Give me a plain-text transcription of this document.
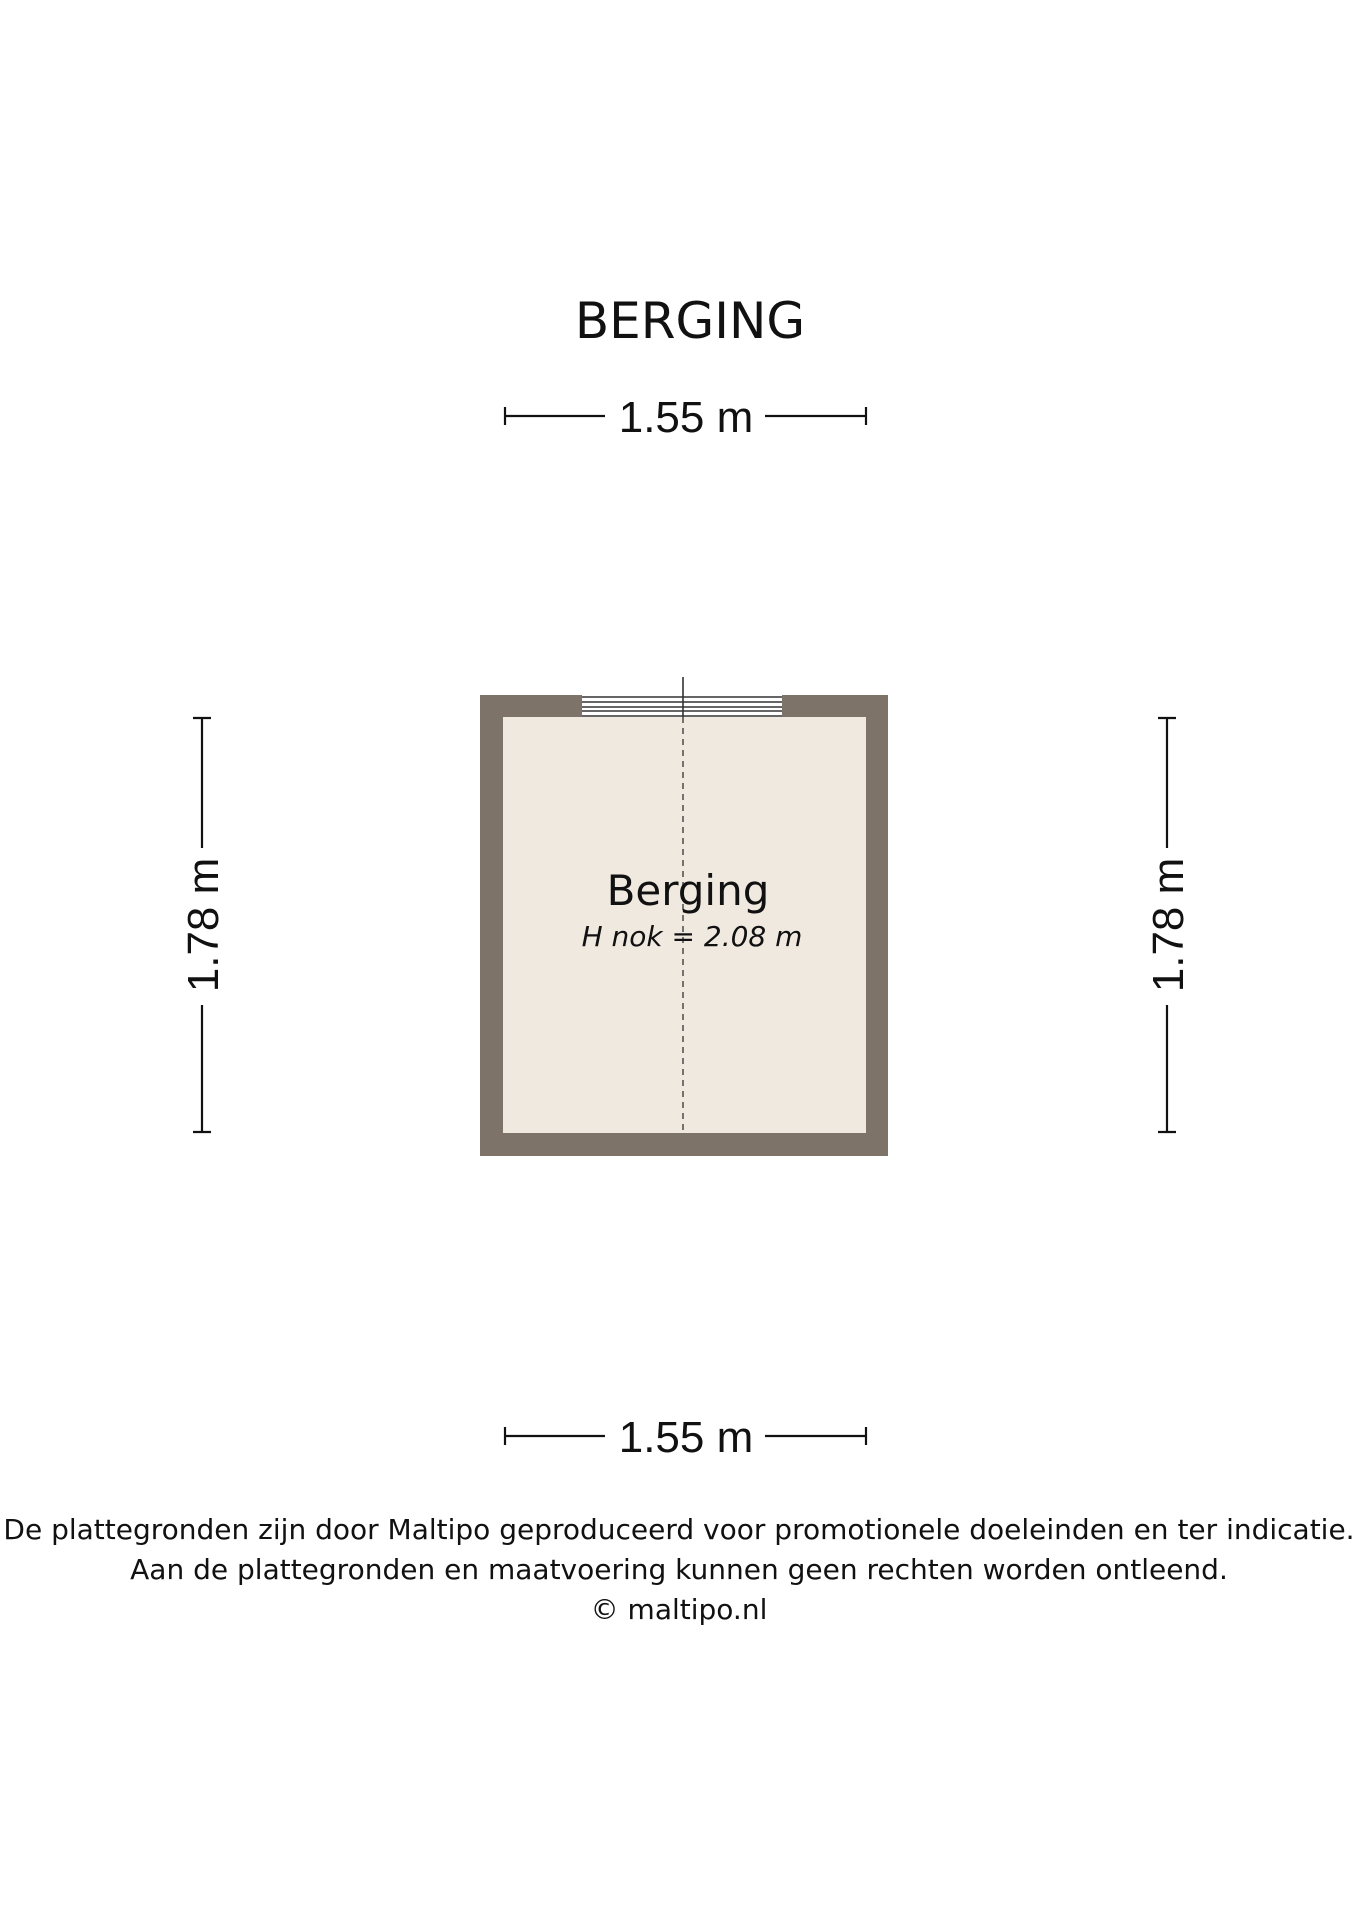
BERGING
1.55 m
1.78 m	1.78 m
Berging
H nok = 2.08 m
1.55 m
De plattegronden zijn door Maltipo geproduceerd voor promotionele doeleinden en ter indicatie.
Aan de plattegronden en maatvoering kunnen geen rechten worden ontleend.
© maltipo.nl
